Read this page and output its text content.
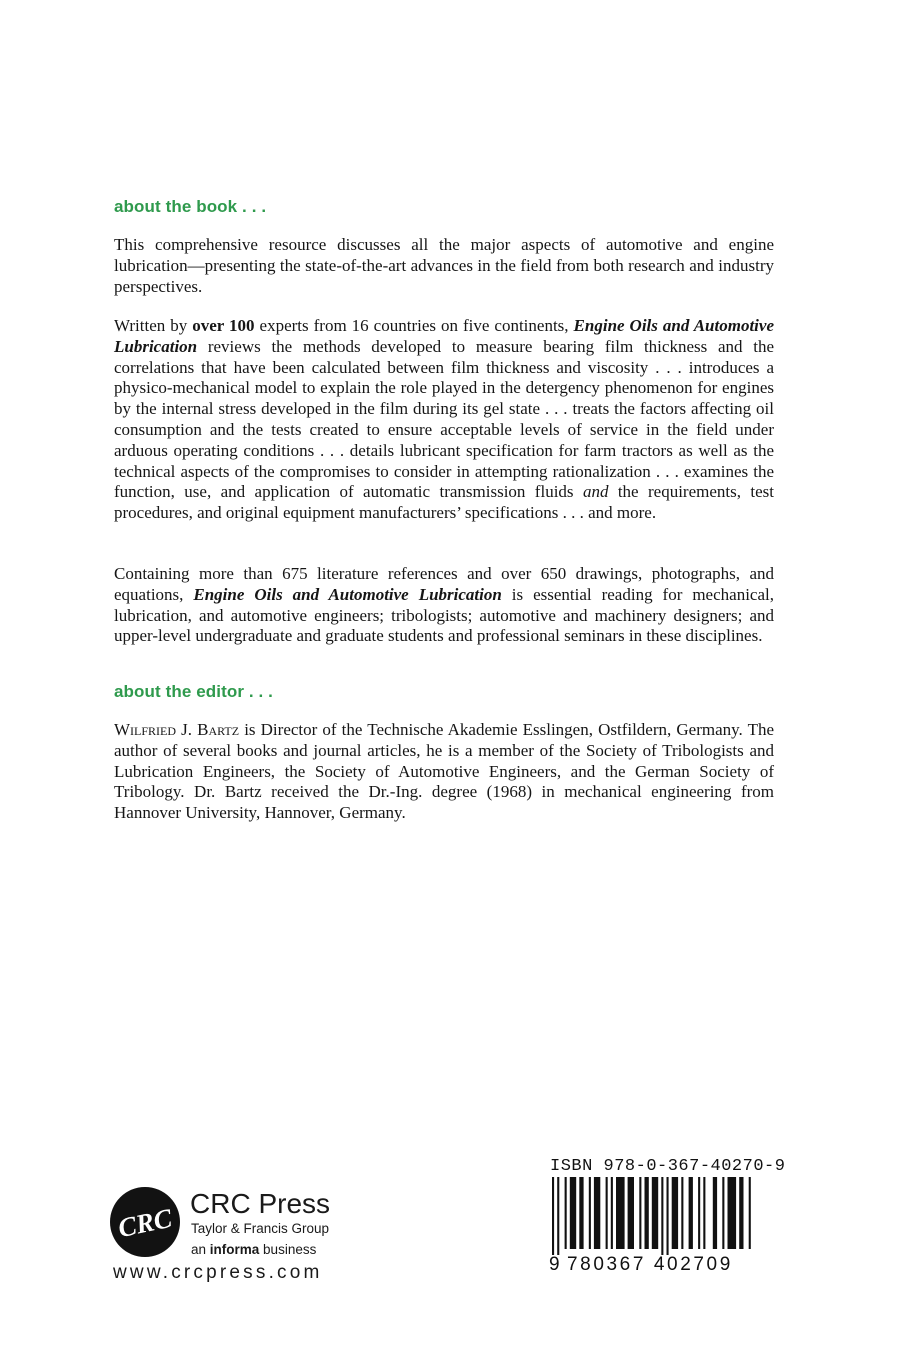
about the book . . .

This comprehensive resource discusses all the major aspects of automotive and engine lubrication—presenting the state-of-the-art advances in the field from both research and industry perspectives.

Written by over 100 experts from 16 countries on five continents, Engine Oils and Automotive Lubrication reviews the methods developed to measure bearing film thickness and the correlations that have been calculated between film thickness and viscosity . . . introduces a physico-mechanical model to explain the role played in the detergency phenomenon for engines by the internal stress developed in the film during its gel state . . . treats the factors affecting oil consumption and the tests created to ensure acceptable levels of service in the field under arduous operating conditions . . . details lubricant specification for farm tractors as well as the technical aspects of the compromises to consider in attempting rationalization . . . examines the function, use, and application of automatic transmission fluids and the requirements, test procedures, and original equipment manufacturers’ specifications . . . and more.

Containing more than 675 literature references and over 650 drawings, photographs, and equations, Engine Oils and Automotive Lubrication is essential reading for mechanical, lubrication, and automotive engineers; tribologists; automotive and machinery designers; and upper-level undergraduate and graduate students and professional seminars in these disciplines.

about the editor . . .

Wilfried J. Bartz is Director of the Technische Akademie Esslingen, Ostfildern, Germany. The author of several books and journal articles, he is a member of the Society of Tribologists and Lubrication Engineers, the Society of Automotive Engineers, and the German Society of Tribology. Dr. Bartz received the Dr.-Ing. degree (1968) in mechanical engineering from Hannover University, Hannover, Germany.

CRC CRC Press
Taylor & Francis Group
an informa business
www.crcpress.com
ISBN 978-0-367-40270-9
9 780367 402709
